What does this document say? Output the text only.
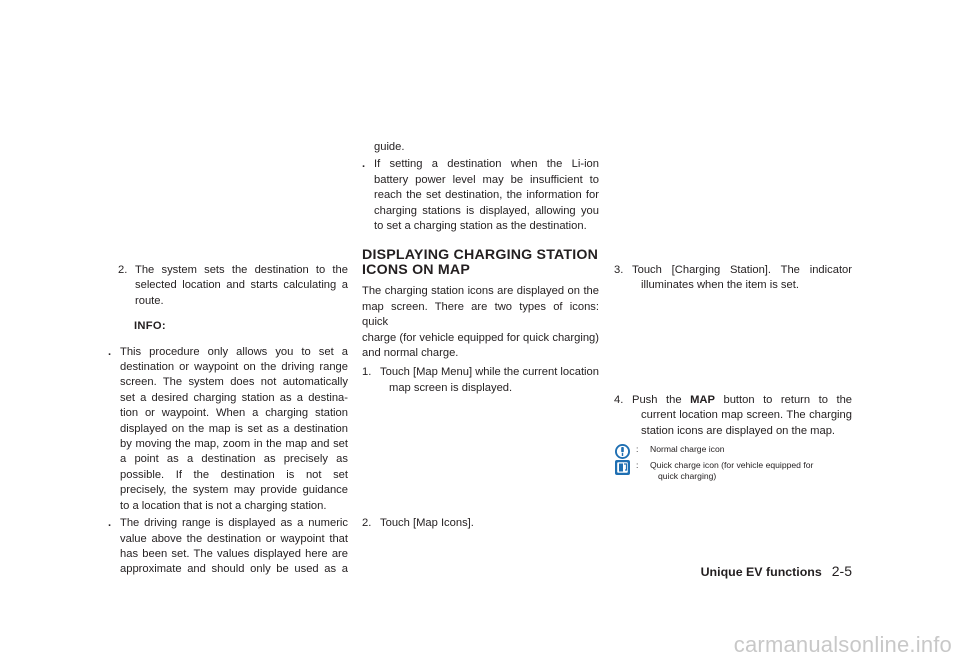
2. The system sets the destination to the
selected location and starts calculating a
route.
INFO:
. This procedure only allows you to set a
destination or waypoint on the driving range
screen. The system does not automatically
set a desired charging station as a destina-
tion or waypoint. When a charging station
displayed on the map is set as a destination
by moving the map, zoom in the map and set
a point as a destination as precisely as
possible. If the destination is not set
precisely, the system may provide guidance
to a location that is not a charging station.
. The driving range is displayed as a numeric
value above the destination or waypoint that
has been set. The values displayed here are
approximate and should only be used as a
guide.
. If setting a destination when the Li-ion
battery power level may be insufficient to
reach the set destination, the information for
charging stations is displayed, allowing you
to set a charging station as the destination.
DISPLAYING CHARGING STATION
ICONS ON MAP
The charging station icons are displayed on the
map screen. There are two types of icons: quick
charge (for vehicle equipped for quick charging)
and normal charge.
1. Touch [Map Menu] while the current location
map screen is displayed.
2. Touch [Map Icons].
3. Touch [Charging Station]. The indicator
illuminates when the item is set.
4. Push the MAP button to return to the
current location map screen. The charging
station icons are displayed on the map.
: Normal charge icon
: Quick charge icon (for vehicle equipped for
quick charging)
Unique EV functions 2-5
carmanualsonline.info
